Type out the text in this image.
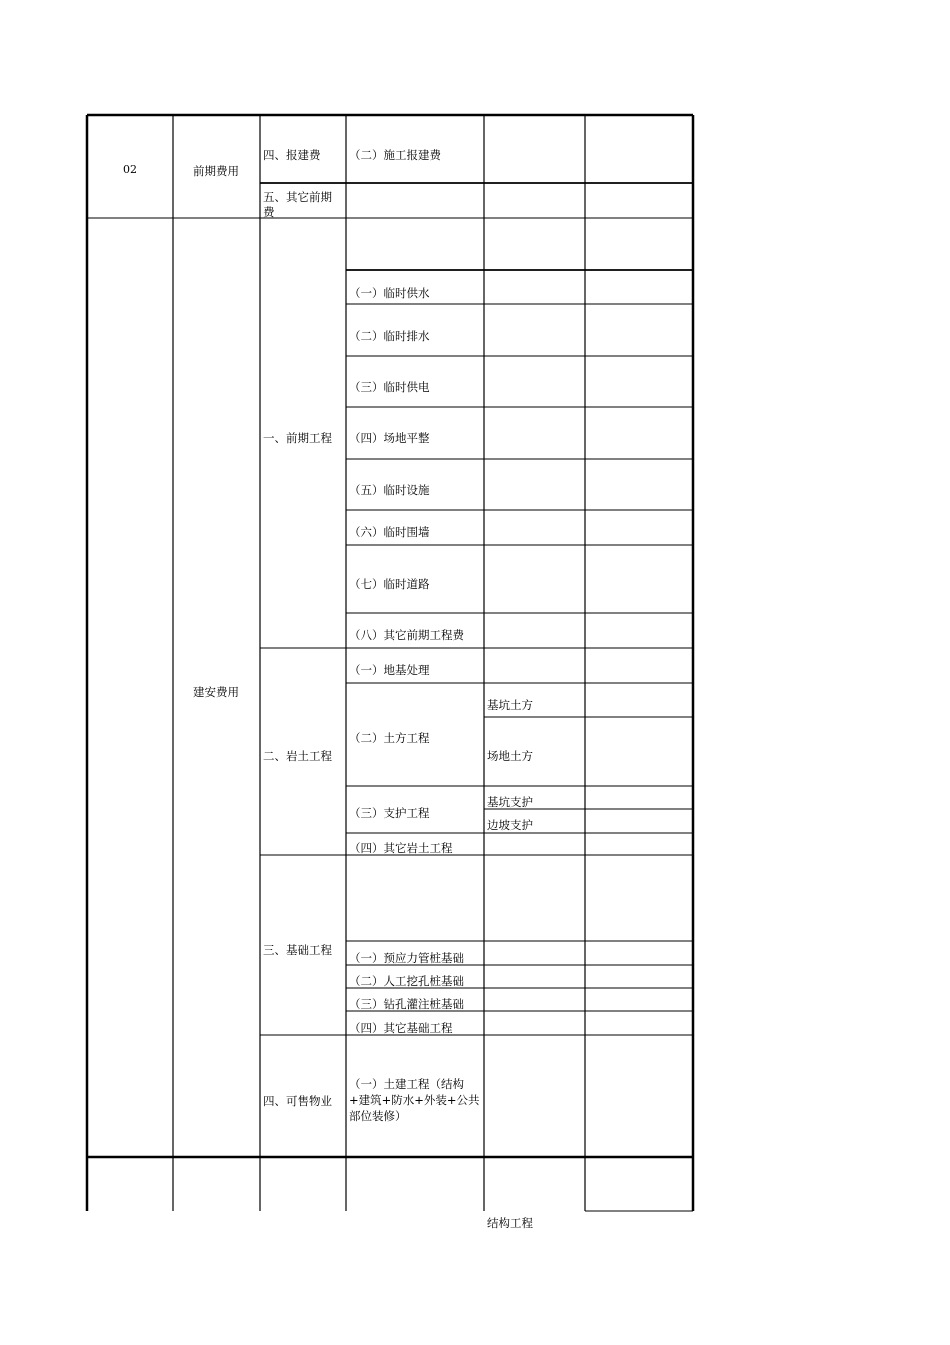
02	前期费用
建安费用
四、报建费
五、其它前期费
一、前期工程
二、岩土工程
三、基础工程
四、可售物业
（二）施工报建费
（一）临时供水
（二）临时排水
（三）临时供电
（四）场地平整
（五）临时设施
（六）临时围墙
（七）临时道路
（八）其它前期工程费
（一）地基处理
（二）土方工程
（三）支护工程
（四）其它岩土工程
（一）预应力管桩基础
（二）人工挖孔桩基础
（三）钻孔灌注桩基础
（四）其它基础工程
（一）土建工程（结构+建筑+防水+外装+公共部位装修）
基坑土方
场地土方
基坑支护
边坡支护
结构工程
